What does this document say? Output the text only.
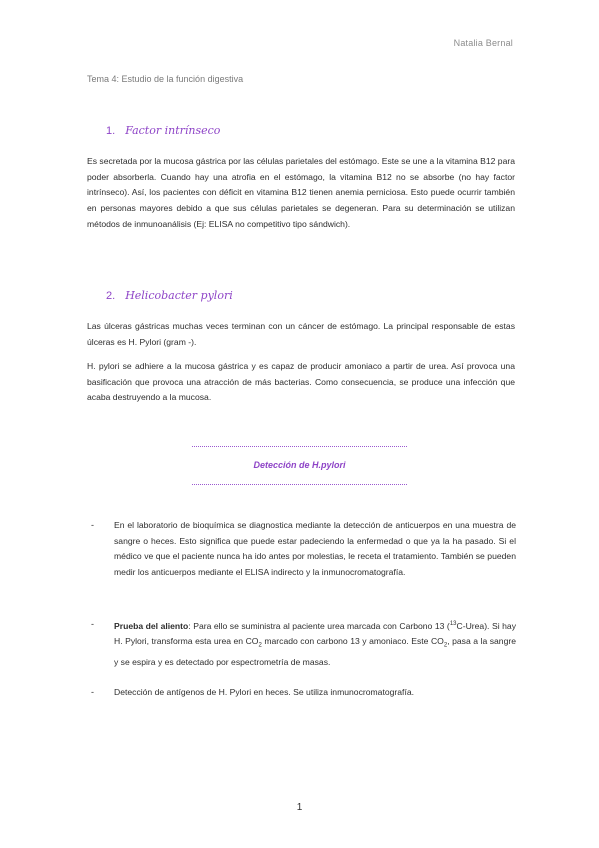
Natalia Bernal
Tema 4: Estudio de la función digestiva
1. Factor intrínseco
Es secretada por la mucosa gástrica por las células parietales del estómago. Este se une a la vitamina B12 para poder absorberla. Cuando hay una atrofia en el estómago, la vitamina B12 no se absorbe (no hay factor intrínseco). Así, los pacientes con déficit en vitamina B12 tienen anemia perniciosa. Esto puede ocurrir también en personas mayores debido a que sus células parietales se degeneran. Para su determinación se utilizan métodos de inmunoanálisis (Ej: ELISA no competitivo tipo sándwich).
2. Helicobacter pylori
Las úlceras gástricas muchas veces terminan con un cáncer de estómago. La principal responsable de estas úlceras es H. Pylori (gram -).
H. pylori se adhiere a la mucosa gástrica y es capaz de producir amoniaco a partir de urea. Así provoca una basificación que provoca una atracción de más bacterias. Como consecuencia, se produce una infección que acaba destruyendo a la mucosa.
Detección de H.pylori
- En el laboratorio de bioquímica se diagnostica mediante la detección de anticuerpos en una muestra de sangre o heces. Esto significa que puede estar padeciendo la enfermedad o que ya la ha pasado. Si el médico ve que el paciente nunca ha ido antes por molestias, le receta el tratamiento. También se pueden medir los anticuerpos mediante el ELISA indirecto y la inmunocromatografía.
- Prueba del aliento: Para ello se suministra al paciente urea marcada con Carbono 13 ($^{13}$C-Urea). Si hay H. Pylori, transforma esta urea en $CO_2$ marcado con carbono 13 y amoniaco. Este $CO_2$, pasa a la sangre y se espira y es detectado por espectrometría de masas.
- Detección de antígenos de H. Pylori en heces. Se utiliza inmunocromatografía.
1
